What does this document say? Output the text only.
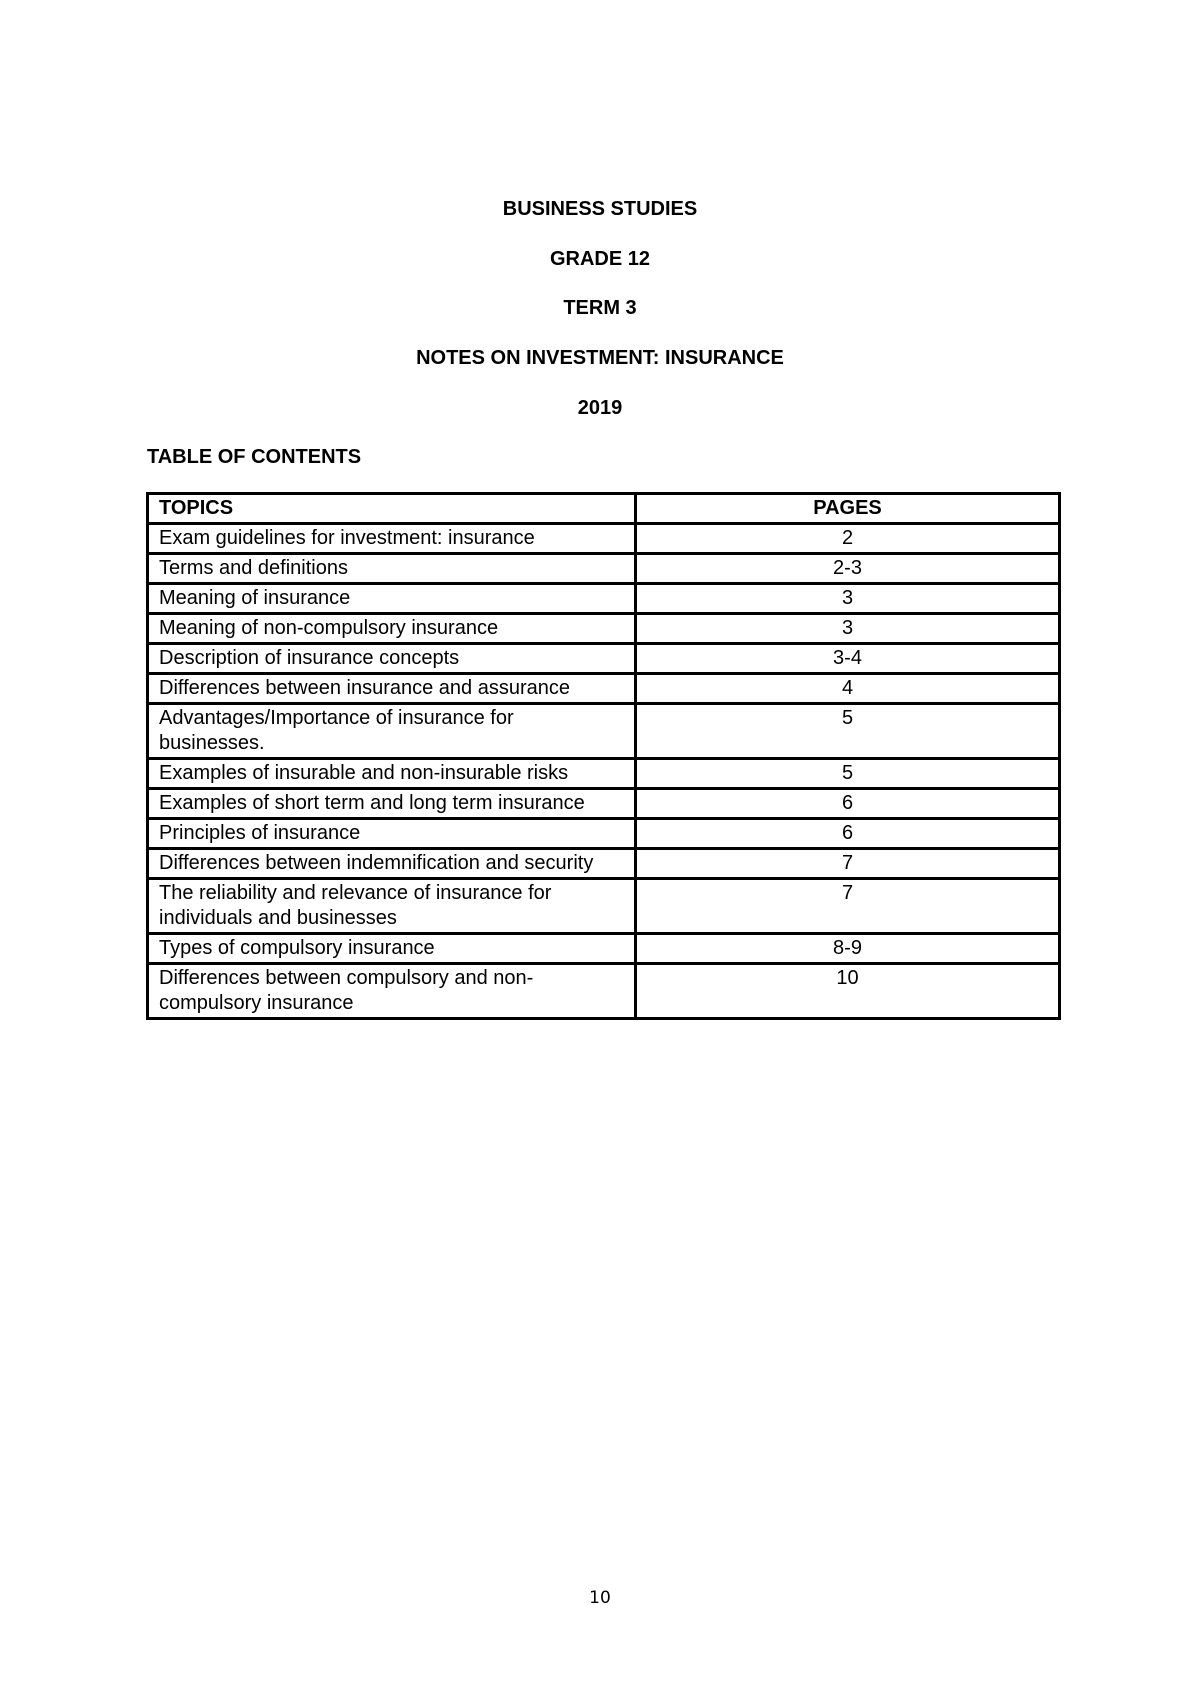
BUSINESS STUDIES
GRADE 12
TERM 3
NOTES ON INVESTMENT: INSURANCE
2019
TABLE OF CONTENTS
TOPICS	PAGES
Exam guidelines for investment: insurance	2
Terms and definitions	2-3
Meaning of insurance	3
Meaning of non-compulsory insurance	3
Description of insurance concepts	3-4
Differences between insurance and assurance	4
Advantages/Importance of insurance for businesses.	5
Examples of insurable and non-insurable risks	5
Examples of short term and long term insurance	6
Principles of insurance	6
Differences between indemnification and security	7
The reliability and relevance of insurance for individuals and businesses	7
Types of compulsory insurance	8-9
Differences between compulsory and non-compulsory insurance	10
10
